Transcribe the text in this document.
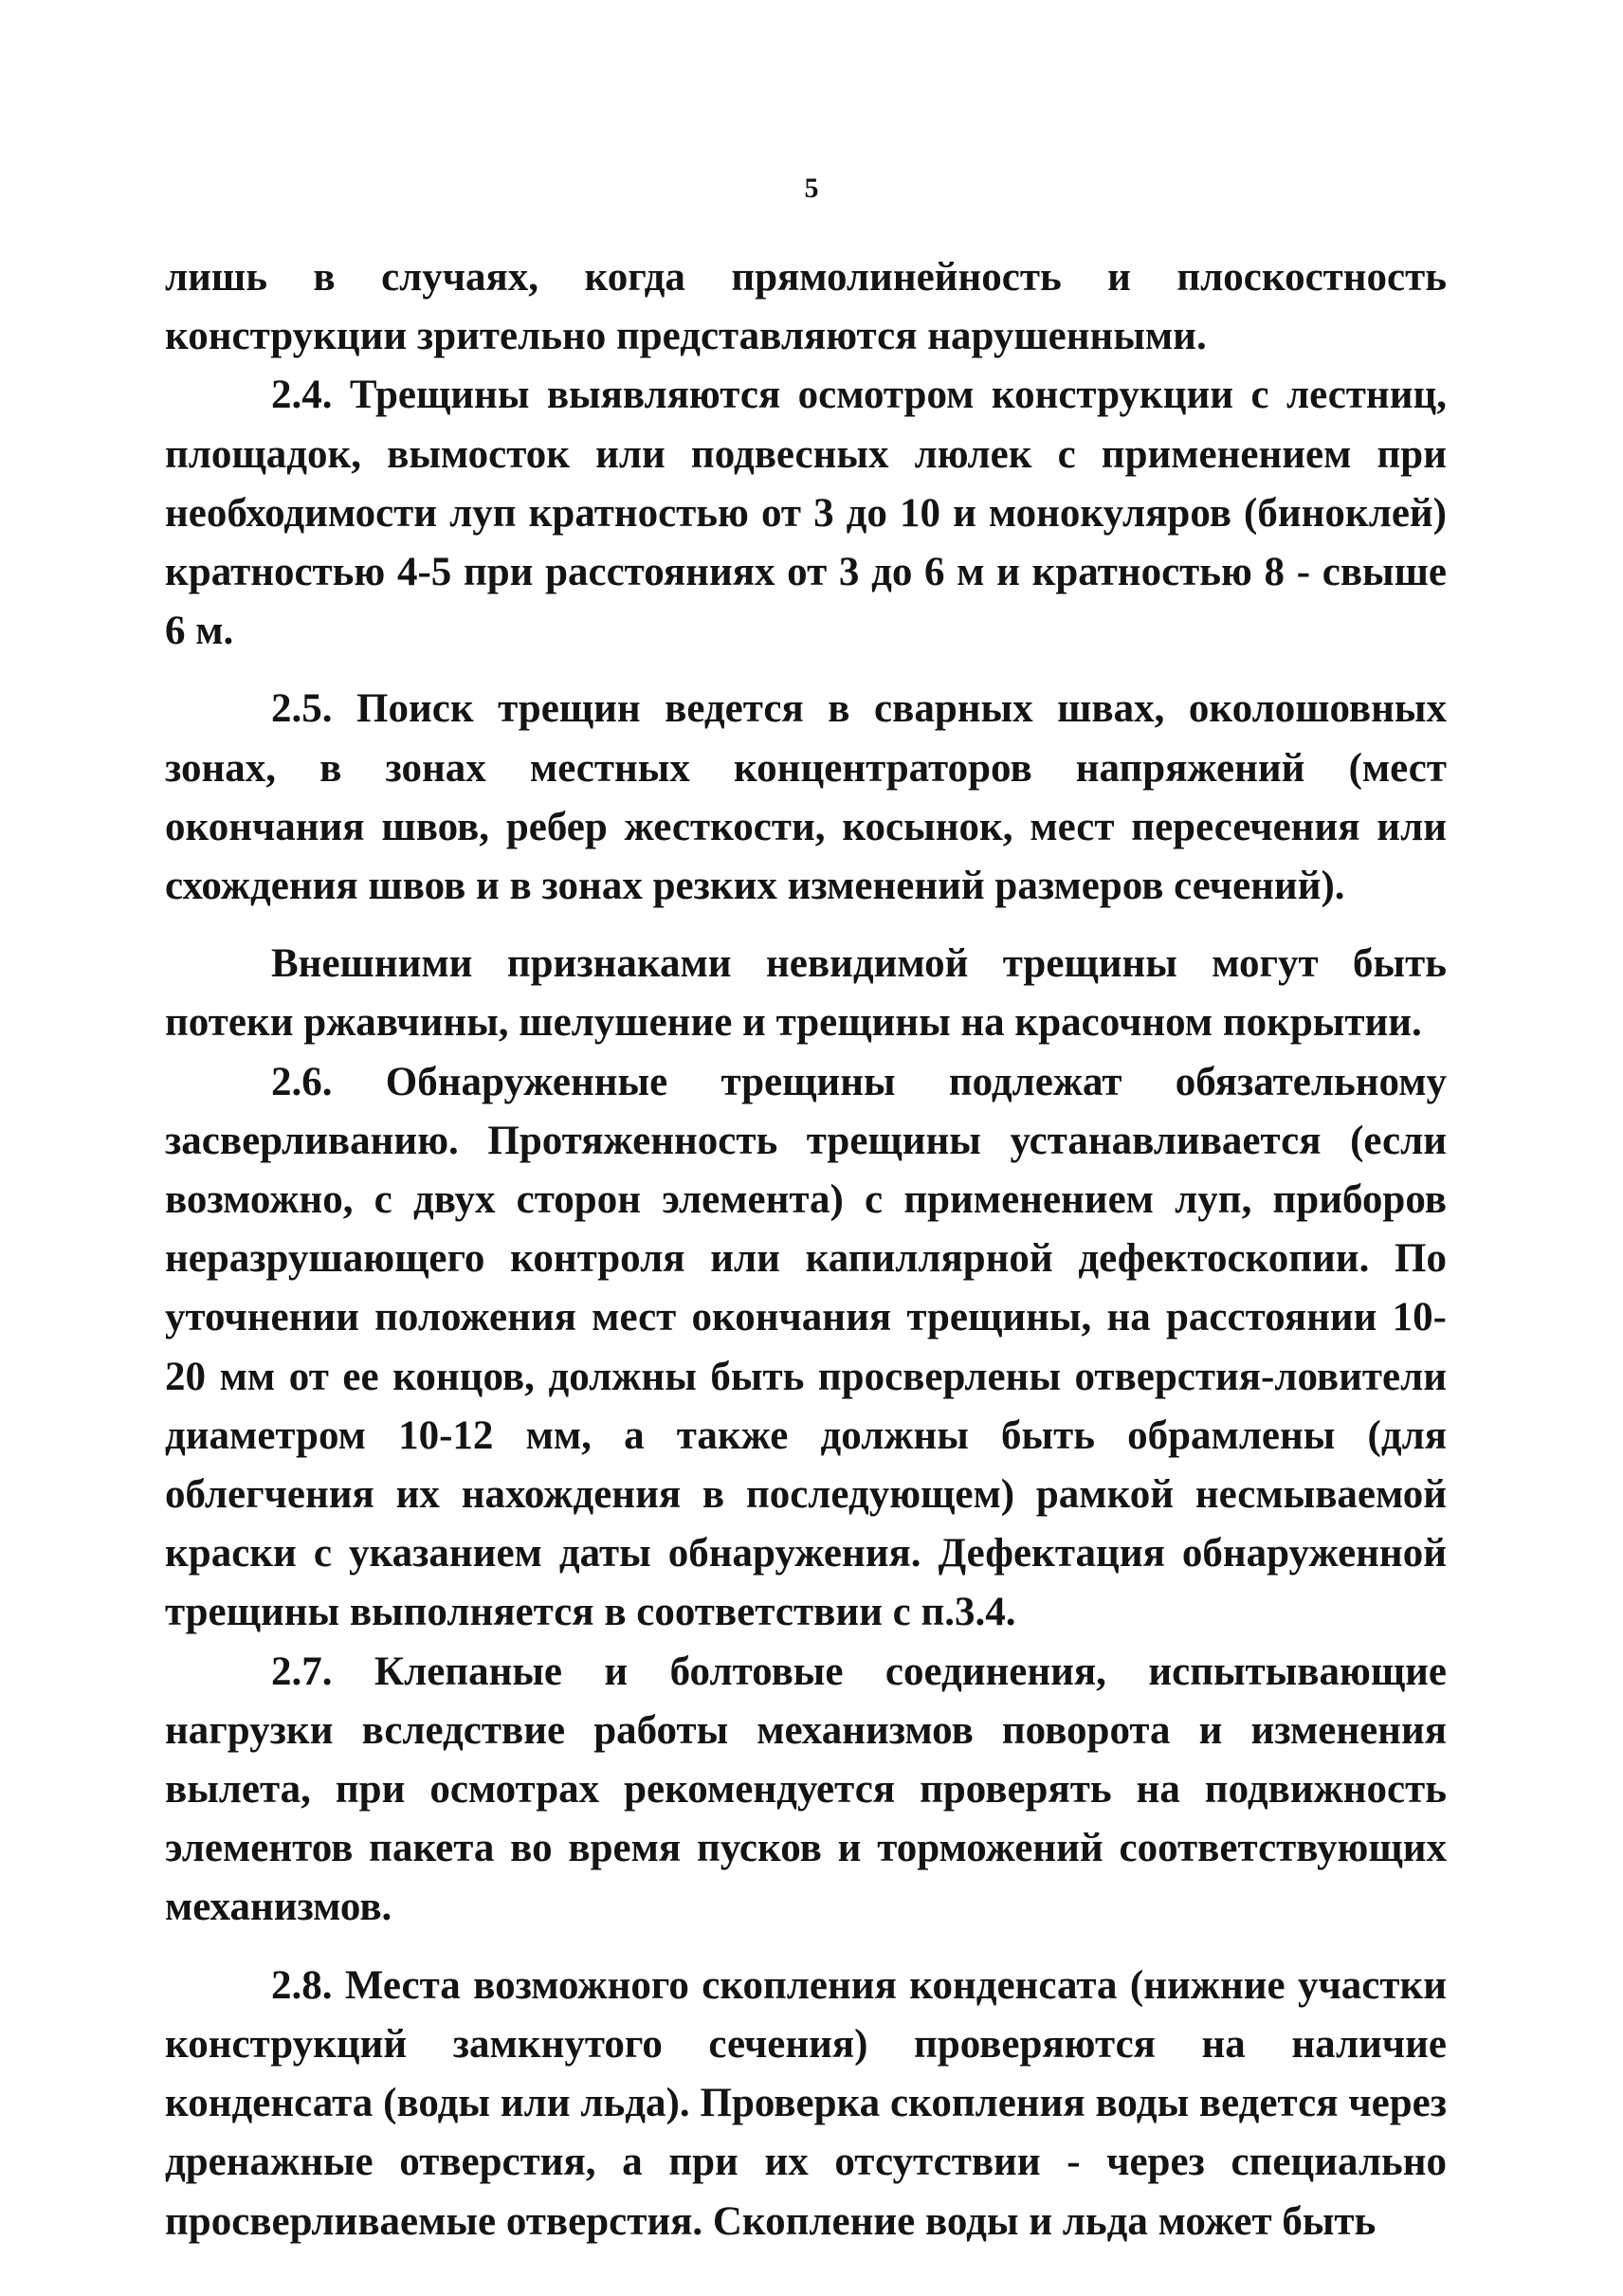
5

лишь в случаях, когда прямолинейность и плоскостность конструкции зрительно представляются нарушенными.

2.4. Трещины выявляются осмотром конструкции с лестниц, площадок, вымосток или подвесных люлек с применением при необходимости луп кратностью от 3 до 10 и монокуляров (биноклей) кратностью 4-5 при расстояниях от 3 до 6 м и кратностью 8 - свыше 6 м.

2.5. Поиск трещин ведется в сварных швах, околошовных зонах, в зонах местных концентраторов напряжений (мест окончания швов, ребер жесткости, косынок, мест пересечения или схождения швов и в зонах резких изменений размеров сечений).

Внешними признаками невидимой трещины могут быть потеки ржавчины, шелушение и трещины на красочном покрытии.

2.6. Обнаруженные трещины подлежат обязательному засверливанию. Протяженность трещины устанавливается (если возможно, с двух сторон элемента) с применением луп, приборов неразрушающего контроля или капиллярной дефектоскопии. По уточнении положения мест окончания трещины, на расстоянии 10-20 мм от ее концов, должны быть просверлены отверстия-ловители диаметром 10-12 мм, а также должны быть обрамлены (для облегчения их нахождения в последующем) рамкой несмываемой краски с указанием даты обнаружения. Дефектация обнаруженной трещины выполняется в соответствии с п.3.4.

2.7. Клепаные и болтовые соединения, испытывающие нагрузки вследствие работы механизмов поворота и изменения вылета, при осмотрах рекомендуется проверять на подвижность элементов пакета во время пусков и торможений соответствующих механизмов.

2.8. Места возможного скопления конденсата (нижние участки конструкций замкнутого сечения) проверяются на наличие конденсата (воды или льда). Проверка скопления воды ведется через дренажные отверстия, а при их отсутствии - через специально просверливаемые отверстия. Скопление воды и льда может быть
